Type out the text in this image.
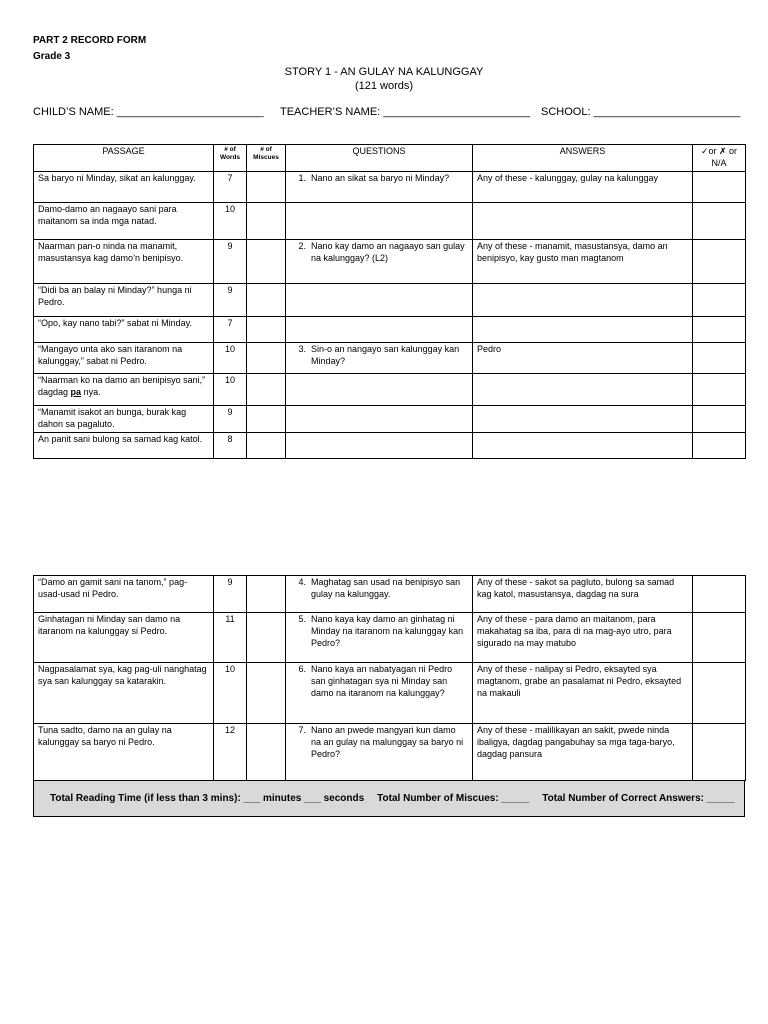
PART 2 RECORD FORM
Grade 3
STORY 1 - AN GULAY NA KALUNGGAY
(121 words)
CHILD’S NAME: ________________________ TEACHER’S NAME: ________________________ SCHOOL: ________________________
PASSAGE	# of Words	# of Miscues	QUESTIONS	ANSWERS	✓or ✗ or N/A
Sa baryo ni Minday, sikat an kalunggay.	7		1. Nano an sikat sa baryo ni Minday?	Any of these - kalunggay, gulay na kalunggay	
Damo-damo an nagaayo sani para maitanom sa inda mga natad.	10				
Naarman pan-o ninda na manamit, masustansya kag damo’n benipisyo.	9		2. Nano kay damo an nagaayo san gulay na kalunggay? (L2)	Any of these - manamit, masustansya, damo an benipisyo, kay gusto man magtanom	
“Didi ba an balay ni Minday?” hunga ni Pedro.	9				
“Opo, kay nano tabi?” sabat ni Minday.	7				
“Mangayo unta ako san itaranom na kalunggay,” sabat ni Pedro.	10		3. Sin-o an nangayo san kalunggay kan Minday?	Pedro	
“Naarman ko na damo an benipisyo sani,” dagdag pa nya.	10				
“Manamit isakot an bunga, burak kag dahon sa pagaluto.	9				
An panit sani bulong sa samad kag katol.	8				
“Damo an gamit sani na tanom,” pag-usad-usad ni Pedro.	9		4. Maghatag san usad na benipisyo san gulay na kalunggay.	Any of these - sakot sa pagluto, bulong sa samad kag katol, masustansya, dagdag na sura	
Ginhatagan ni Minday san damo na itaranom na kalunggay si Pedro.	11		5. Nano kaya kay damo an ginhatag ni Minday na itaranom na kalunggay kan Pedro?	Any of these - para damo an maitanom, para makahatag sa iba, para di na mag-ayo utro, para sigurado na may matubo	
Nagpasalamat sya, kag pag-uli nanghatag sya san kalunggay sa katarakin.	10		6. Nano kaya an nabatyagan ni Pedro san ginhatagan sya ni Minday san damo na itaranom na kalunggay?	Any of these - nalipay si Pedro, eksayted sya magtanom, grabe an pasalamat ni Pedro, eksayted na makauli	
Tuna sadto, damo na an gulay na kalunggay sa baryo ni Pedro.	12		7. Nano an pwede mangyari kun damo na an gulay na malunggay sa baryo ni Pedro?	Any of these - malilikayan an sakit, pwede ninda ibaligya, dagdag pangabuhay sa mga taga-baryo, dagdag pansura	
Total Reading Time (if less than 3 mins): ___ minutes ___ seconds Total Number of Miscues: _____ Total Number of Correct Answers: _____
